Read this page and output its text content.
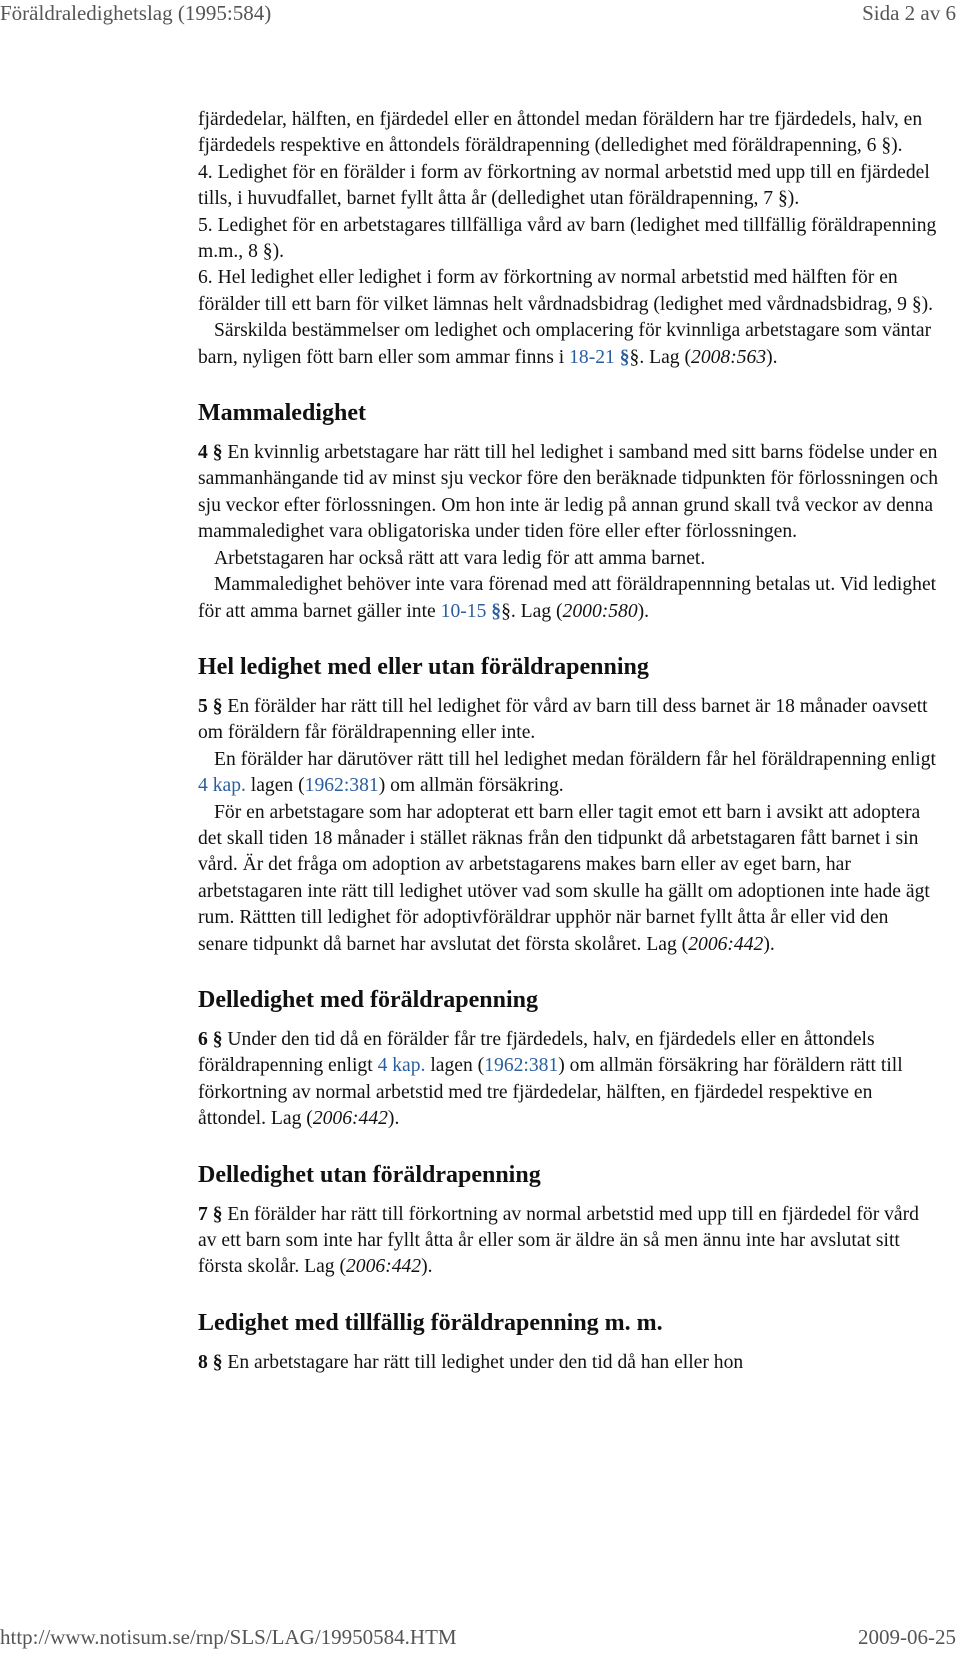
Föräldraledighetslag (1995:584)	Sida 2 av 6

fjärdedelar, hälften, en fjärdedel eller en åttondel medan föräldern har tre fjärdedels, halv, en fjärdedels respektive en åttondels föräldrapenning (delledighet med föräldrapenning, 6 §).

4. Ledighet för en förälder i form av förkortning av normal arbetstid med upp till en fjärdedel tills, i huvudfallet, barnet fyllt åtta år (delledighet utan föräldrapenning, 7 §).

5. Ledighet för en arbetstagares tillfälliga vård av barn (ledighet med tillfällig föräldrapenning m.m., 8 §).

6. Hel ledighet eller ledighet i form av förkortning av normal arbetstid med hälften för en förälder till ett barn för vilket lämnas helt vårdnadsbidrag (ledighet med vårdnadsbidrag, 9 §).

Särskilda bestämmelser om ledighet och omplacering för kvinnliga arbetstagare som väntar barn, nyligen fött barn eller som ammar finns i 18-21 §§. Lag (2008:563).

Mammaledighet

4 § En kvinnlig arbetstagare har rätt till hel ledighet i samband med sitt barns födelse under en sammanhängande tid av minst sju veckor före den beräknade tidpunkten för förlossningen och sju veckor efter förlossningen. Om hon inte är ledig på annan grund skall två veckor av denna mammaledighet vara obligatoriska under tiden före eller efter förlossningen.

Arbetstagaren har också rätt att vara ledig för att amma barnet.

Mammaledighet behöver inte vara förenad med att föräldrapennning betalas ut. Vid ledighet för att amma barnet gäller inte 10-15 §§. Lag (2000:580).

Hel ledighet med eller utan föräldrapenning

5 § En förälder har rätt till hel ledighet för vård av barn till dess barnet är 18 månader oavsett om föräldern får föräldrapenning eller inte.

En förälder har därutöver rätt till hel ledighet medan föräldern får hel föräldrapenning enligt 4 kap. lagen (1962:381) om allmän försäkring.

För en arbetstagare som har adopterat ett barn eller tagit emot ett barn i avsikt att adoptera det skall tiden 18 månader i stället räknas från den tidpunkt då arbetstagaren fått barnet i sin vård. Är det fråga om adoption av arbetstagarens makes barn eller av eget barn, har arbetstagaren inte rätt till ledighet utöver vad som skulle ha gällt om adoptionen inte hade ägt rum. Rättten till ledighet för adoptivföräldrar upphör när barnet fyllt åtta år eller vid den senare tidpunkt då barnet har avslutat det första skolåret. Lag (2006:442).

Delledighet med föräldrapenning

6 § Under den tid då en förälder får tre fjärdedels, halv, en fjärdedels eller en åttondels föräldrapenning enligt 4 kap. lagen (1962:381) om allmän försäkring har föräldern rätt till förkortning av normal arbetstid med tre fjärdedelar, hälften, en fjärdedel respektive en åttondel. Lag (2006:442).

Delledighet utan föräldrapenning

7 § En förälder har rätt till förkortning av normal arbetstid med upp till en fjärdedel för vård av ett barn som inte har fyllt åtta år eller som är äldre än så men ännu inte har avslutat sitt första skolår. Lag (2006:442).

Ledighet med tillfällig föräldrapenning m. m.

8 § En arbetstagare har rätt till ledighet under den tid då han eller hon

http://www.notisum.se/rnp/SLS/LAG/19950584.HTM	2009-06-25
